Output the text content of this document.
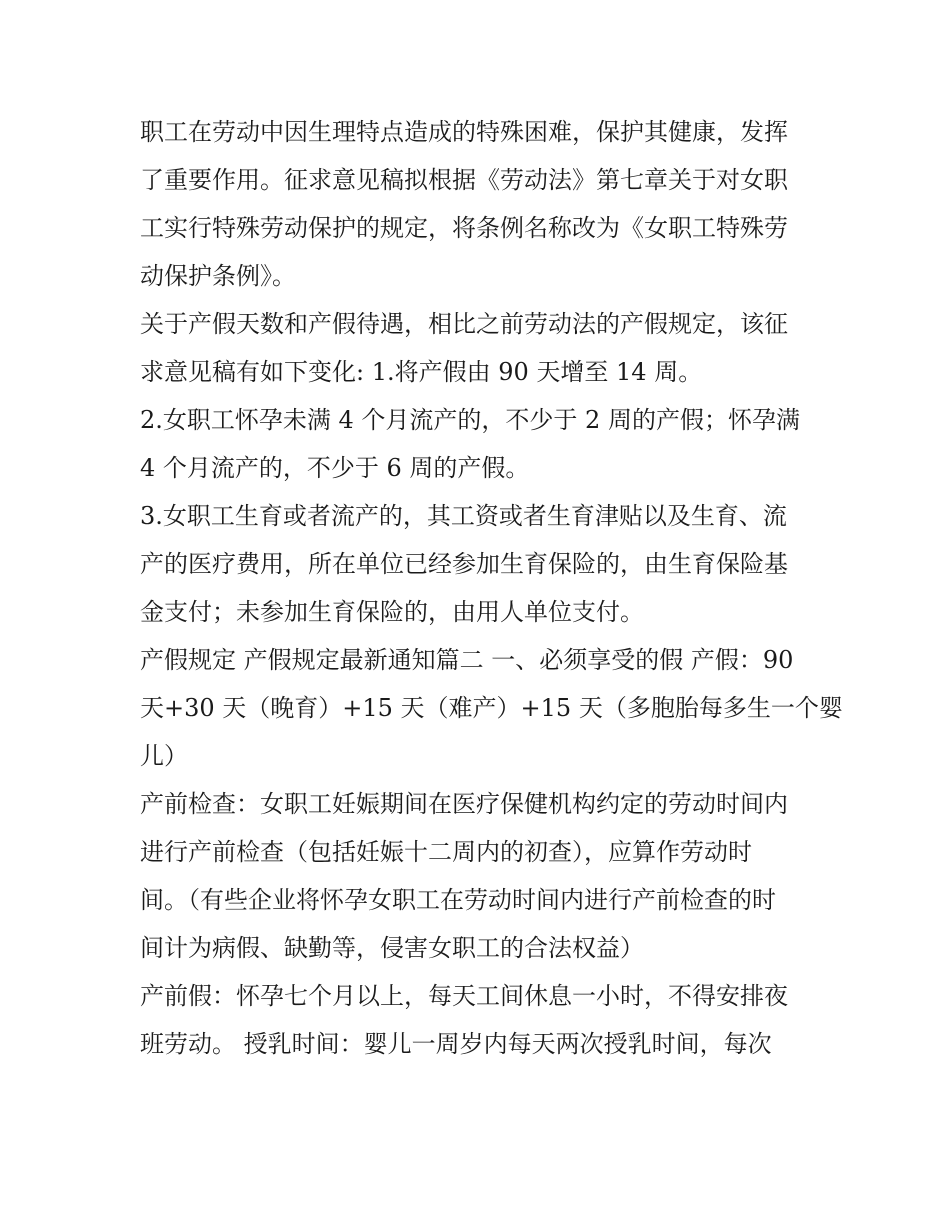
职工在劳动中因生理特点造成的特殊困难，保护其健康，发挥
了重要作用。征求意见稿拟根据《劳动法》第七章关于对女职
工实行特殊劳动保护的规定，将条例名称改为《女职工特殊劳
动保护条例》。
关于产假天数和产假待遇，相比之前劳动法的产假规定，该征
求意见稿有如下变化: 1.将产假由 90 天增至 14 周。
2.女职工怀孕未满 4 个月流产的，不少于 2 周的产假；怀孕满
4 个月流产的，不少于 6 周的产假。
3.女职工生育或者流产的，其工资或者生育津贴以及生育、流
产的医疗费用，所在单位已经参加生育保险的，由生育保险基
金支付；未参加生育保险的，由用人单位支付。
产假规定 产假规定最新通知篇二 一、必须享受的假 产假：90
天+30 天（晚育）+15 天（难产）+15 天（多胞胎每多生一个婴
儿）
产前检查：女职工妊娠期间在医疗保健机构约定的劳动时间内
进行产前检查（包括妊娠十二周内的初查），应算作劳动时
间。（有些企业将怀孕女职工在劳动时间内进行产前检查的时
间计为病假、缺勤等，侵害女职工的合法权益）
产前假：怀孕七个月以上，每天工间休息一小时，不得安排夜
班劳动。 授乳时间：婴儿一周岁内每天两次授乳时间，每次
